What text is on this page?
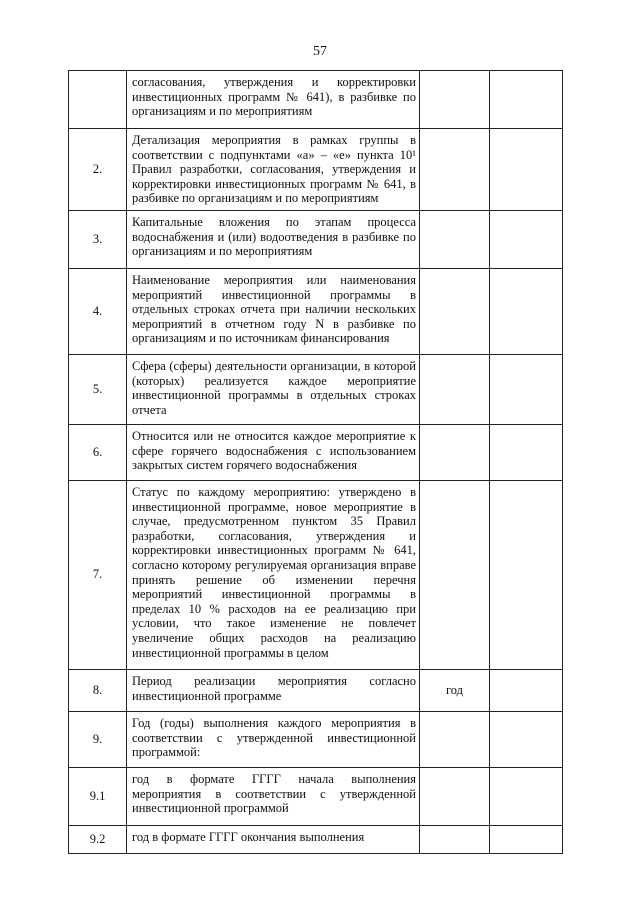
57

	согласования, утверждения и корректировки инвестиционных программ № 641), в разбивке по организациям и по мероприятиям		

2.	Детализация мероприятия в рамках группы в соответствии с подпунктами «а» – «е» пункта 10¹ Правил разработки, согласования, утверждения и корректировки инвестиционных программ № 641, в разбивке по организациям и по мероприятиям		

3.	Капитальные вложения по этапам процесса водоснабжения и (или) водоотведения в разбивке по организациям и по мероприятиям		

4.	Наименование мероприятия или наименования мероприятий инвестиционной программы в отдельных строках отчета при наличии нескольких мероприятий в отчетном году N в разбивке по организациям и по источникам финансирования		

5.	Сфера (сферы) деятельности организации, в которой (которых) реализуется каждое мероприятие инвестиционной программы в отдельных строках отчета		

6.	Относится или не относится каждое мероприятие к сфере горячего водоснабжения с использованием закрытых систем горячего водоснабжения		

7.	Статус по каждому мероприятию: утверждено в инвестиционной программе, новое мероприятие в случае, предусмотренном пунктом 35 Правил разработки, согласования, утверждения и корректировки инвестиционных программ № 641, согласно которому регулируемая организация вправе принять решение об изменении перечня мероприятий инвестиционной программы в пределах 10 % расходов на ее реализацию при условии, что такое изменение не повлечет увеличение общих расходов на реализацию инвестиционной программы в целом		

8.	Период реализации мероприятия согласно инвестиционной программе	год	
9.	Год (годы) выполнения каждого мероприятия в соответствии с утвержденной инвестиционной программой:		

9.1	год в формате ГГГГ начала выполнения мероприятия в соответствии с утвержденной инвестиционной программой		

9.2	год в формате ГГГГ окончания выполнения		
